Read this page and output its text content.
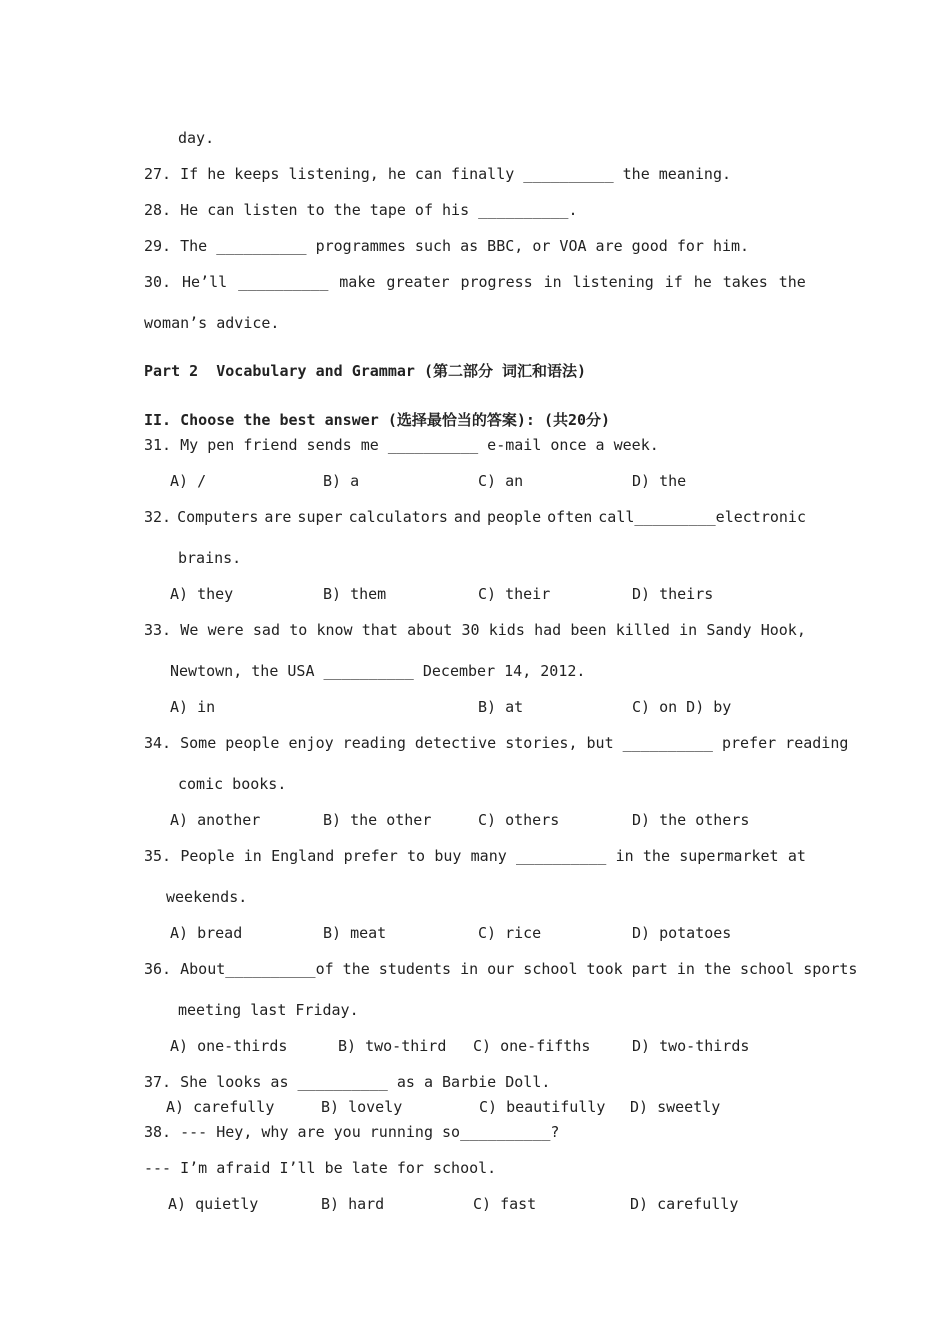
day.
27. If he keeps listening, he can finally __________ the meaning.
28. He can listen to the tape of his __________.
29. The __________ programmes such as BBC, or VOA are good for him.
30. He’ll __________ make greater progress in listening if he takes the
woman’s advice.
Part 2  Vocabulary and Grammar (第二部分 词汇和语法)
II. Choose the best answer (选择最恰当的答案): (共20分)
31. My pen friend sends me __________ e-mail once a week.
A) /	B) a	C) an	D) the
32. Computers are super calculators and people often call_________electronic
brains.
A) they	B) them	C) their	D) theirs
33. We were sad to know that about 30 kids had been killed in Sandy Hook,
Newtown, the USA __________ December 14, 2012.
A) in	B) at	C) on D) by
34. Some people enjoy reading detective stories, but __________ prefer reading
comic books.
A) another	B) the other	C) others	D) the others
35. People in England prefer to buy many __________ in the supermarket at
weekends.
A) bread	B) meat	C) rice	D) potatoes
36. About__________of the students in our school took part in the school sports
meeting last Friday.
A) one-thirds	B) two-third C) one-fifths	D) two-thirds
37. She looks as __________ as a Barbie Doll.
A) carefully	B) lovely	C) beautifully D) sweetly
38. --- Hey, why are you running so__________?
--- I’m afraid I’ll be late for school.
A) quietly	B) hard	C) fast	D) carefully
